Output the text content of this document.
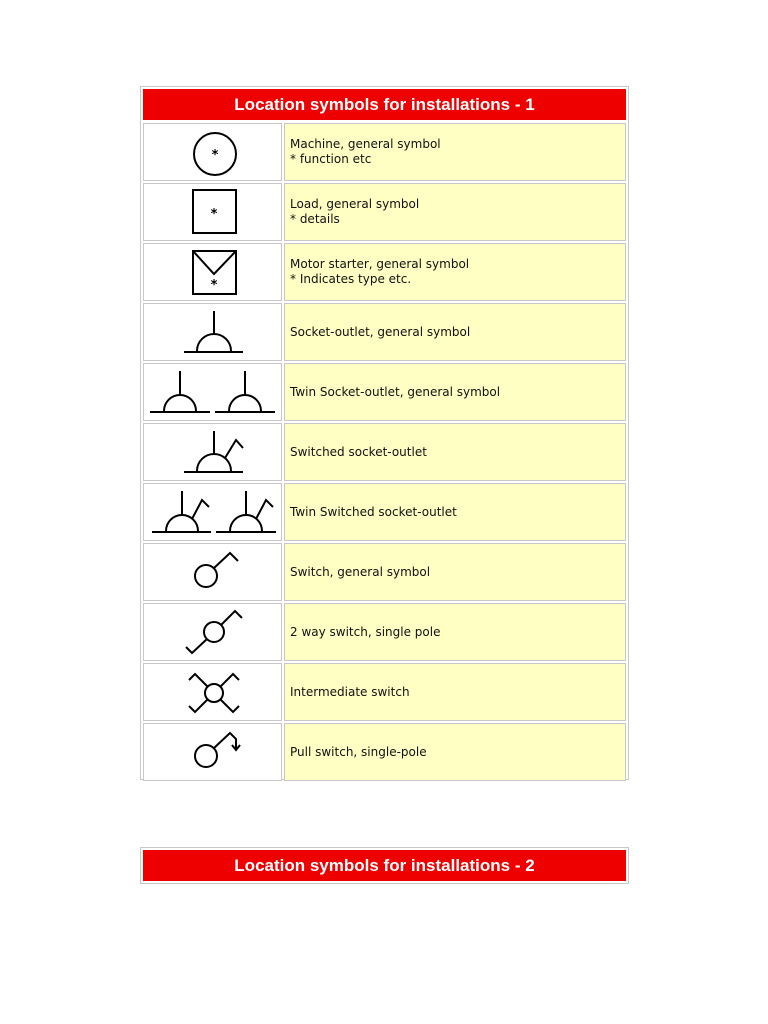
Location symbols for installations - 1
*
Machine, general symbol
* function etc
*
Load, general symbol
* details
*
Motor starter, general symbol
* Indicates type etc.
Socket-outlet, general symbol
Twin Socket-outlet, general symbol
Switched socket-outlet
Twin Switched socket-outlet
Switch, general symbol
2 way switch, single pole
Intermediate switch
Pull switch, single-pole
Location symbols for installations - 2
